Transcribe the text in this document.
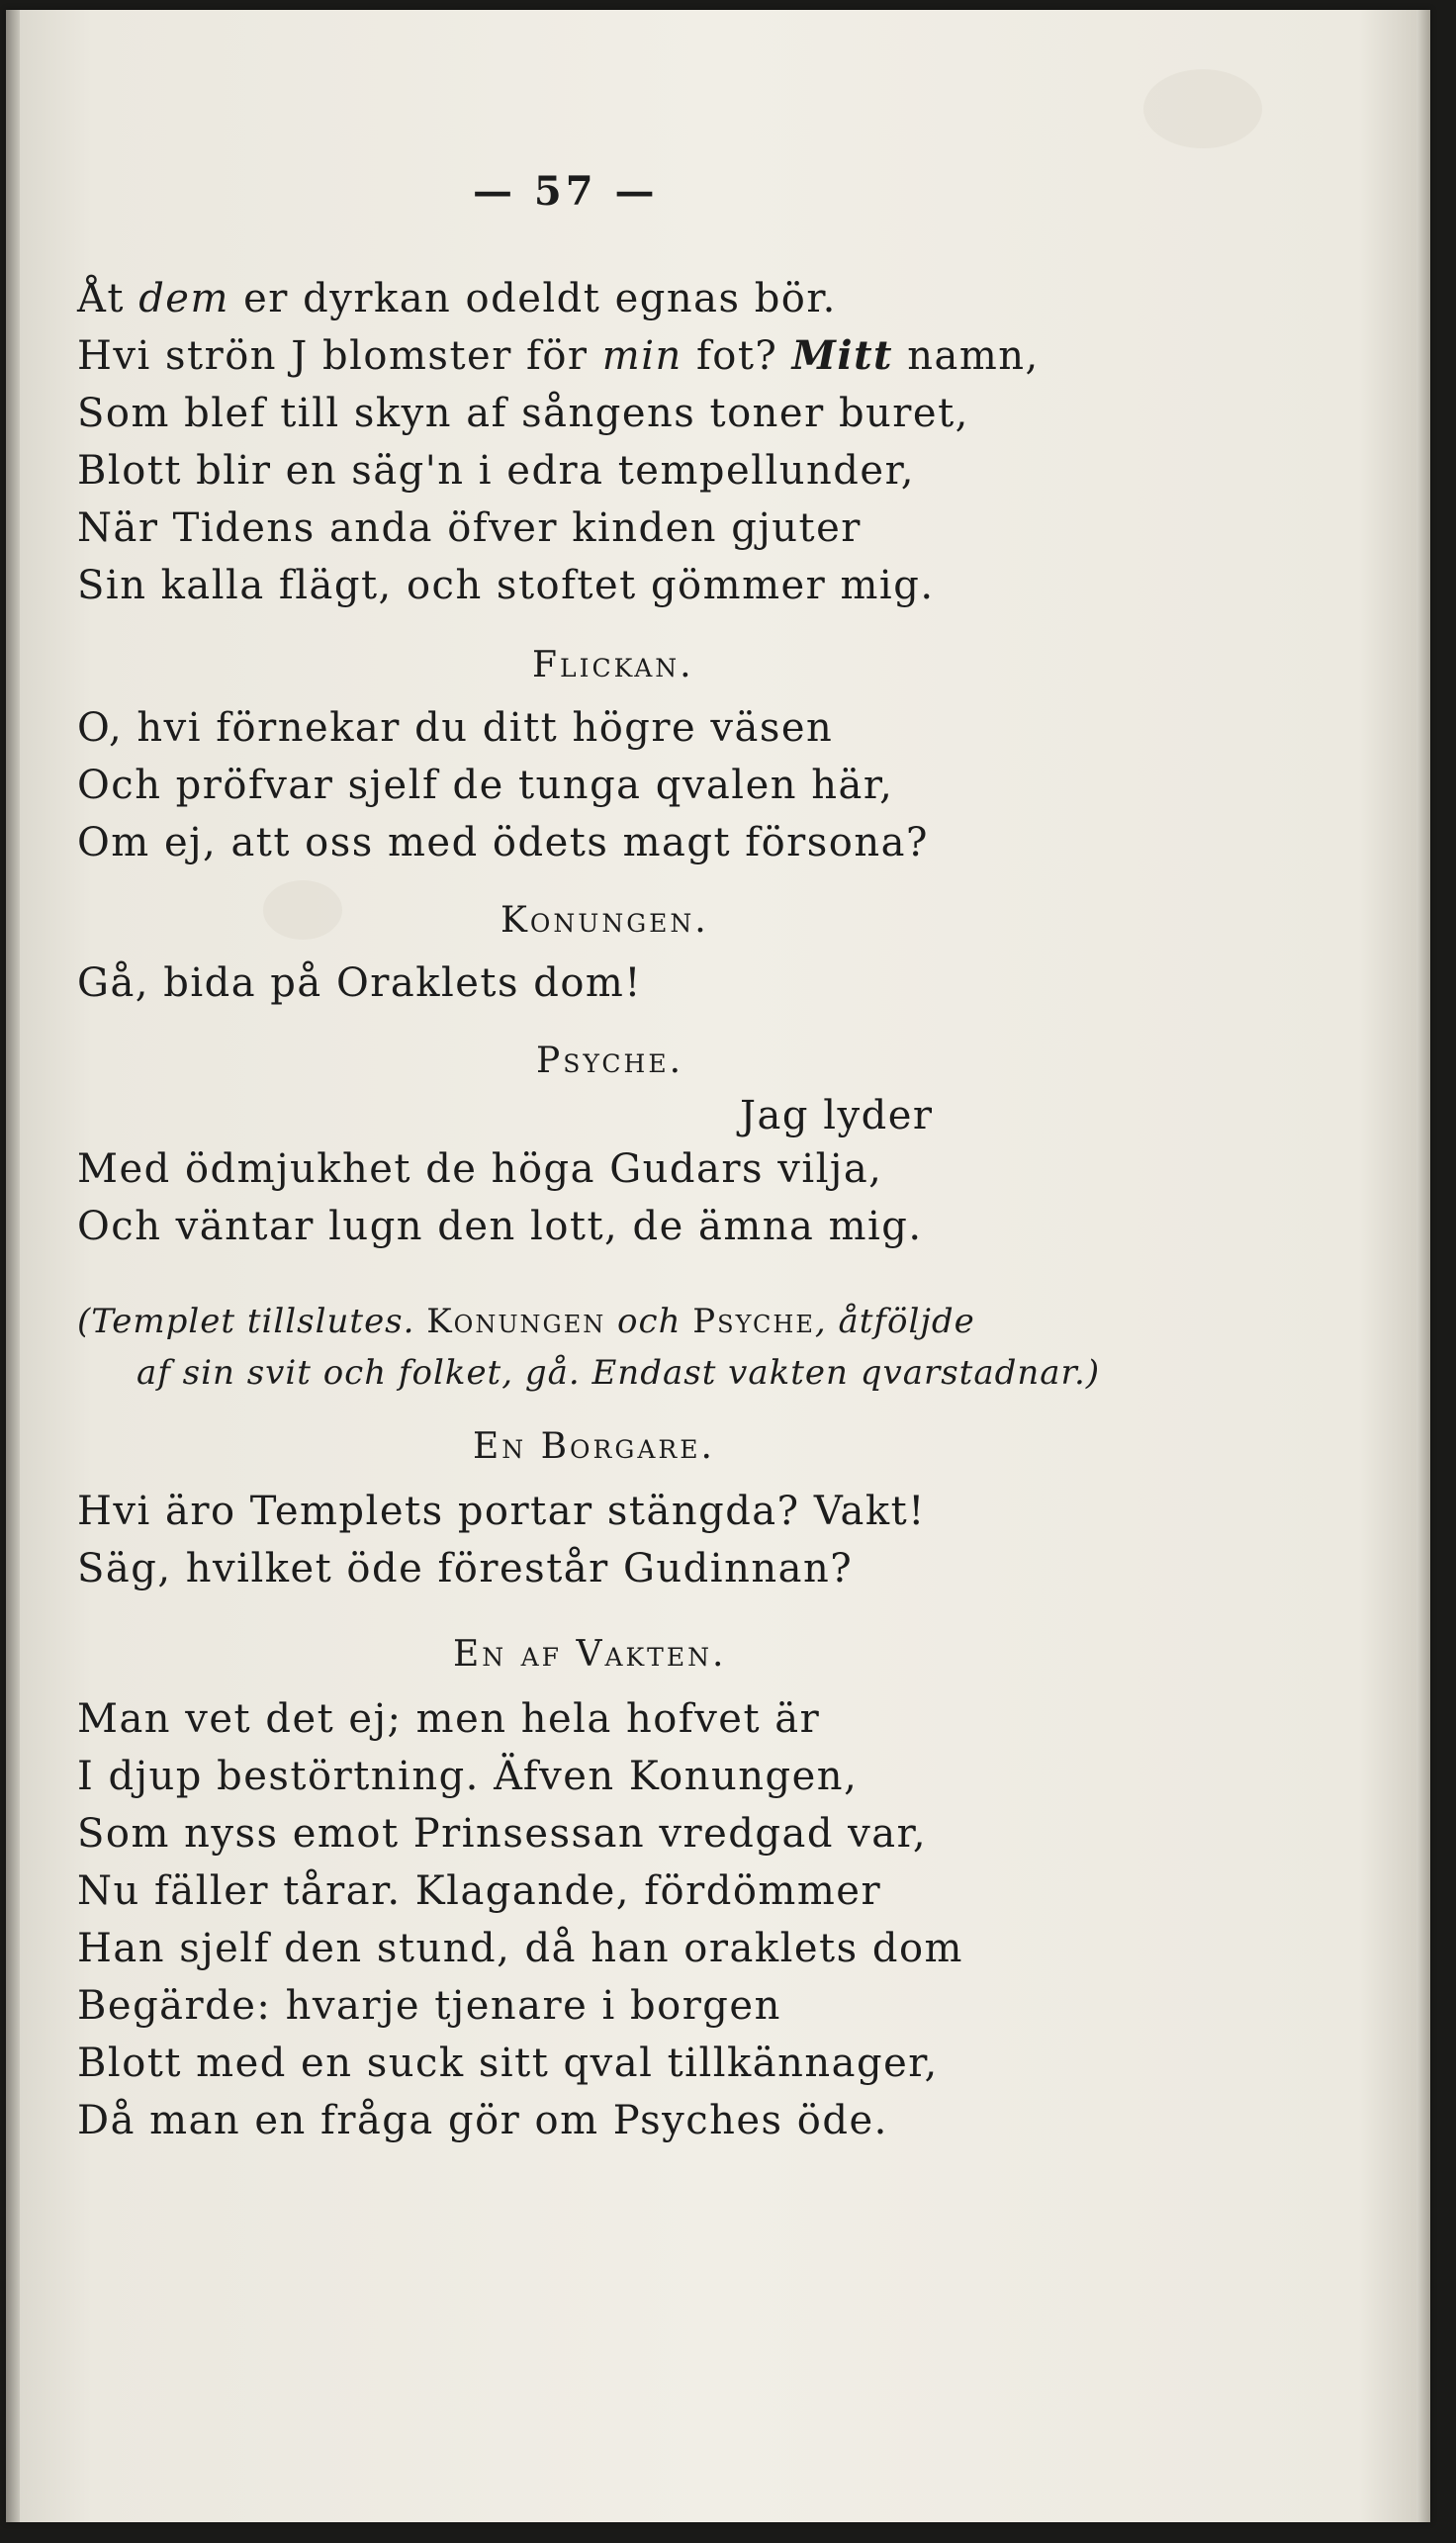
— 57 —
Åt dem er dyrkan odeldt egnas bör.
Hvi strön J blomster för min fot? Mitt namn,
Som blef till skyn af sångens toner buret,
Blott blir en säg'n i edra tempellunder,
När Tidens anda öfver kinden gjuter
Sin kalla flägt, och stoftet gömmer mig.
Flickan.
O, hvi förnekar du ditt högre väsen
Och pröfvar sjelf de tunga qvalen här,
Om ej, att oss med ödets magt försona?
Konungen.
Gå, bida på Oraklets dom!
Psyche.
Jag lyder
Med ödmjukhet de höga Gudars vilja,
Och väntar lugn den lott, de ämna mig.
(Templet tillslutes. Konungen och Psyche, åtföljde
af sin svit och folket, gå. Endast vakten qvarstadnar.)
En Borgare.
Hvi äro Templets portar stängda? Vakt!
Säg, hvilket öde förestår Gudinnan?
En af Vakten.
Man vet det ej; men hela hofvet är
I djup bestörtning. Äfven Konungen,
Som nyss emot Prinsessan vredgad var,
Nu fäller tårar. Klagande, fördömmer
Han sjelf den stund, då han oraklets dom
Begärde: hvarje tjenare i borgen
Blott med en suck sitt qval tillkännager,
Då man en fråga gör om Psyches öde.
